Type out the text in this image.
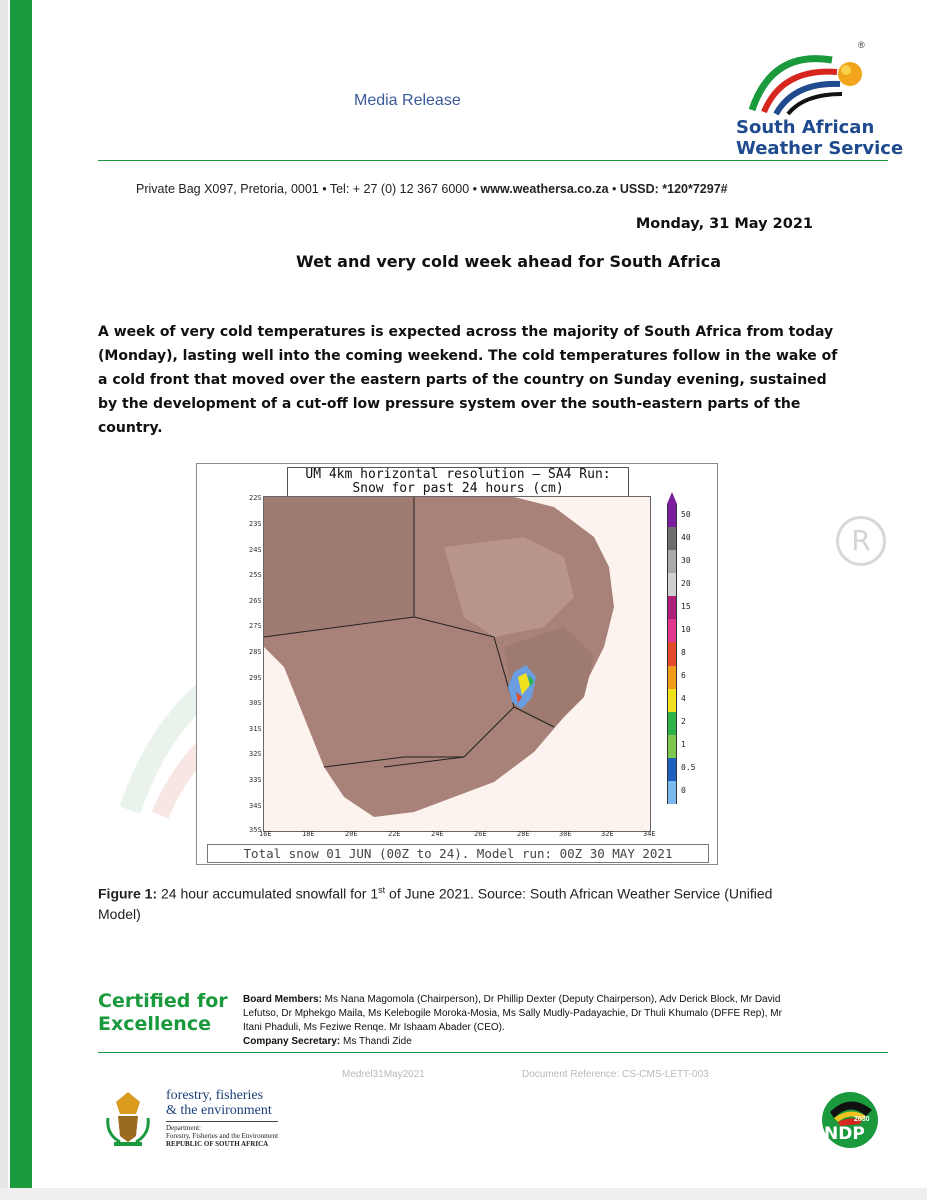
Media Release
®
South African
Weather Service
Private Bag X097, Pretoria, 0001 • Tel: + 27 (0) 12 367 6000 • www.weathersa.co.za • USSD: *120*7297#
Monday, 31 May 2021
Wet and very cold week ahead for South Africa
A week of very cold temperatures is expected across the majority of South Africa from today (Monday), lasting well into the coming weekend. The cold temperatures follow in the wake of a cold front that moved over the eastern parts of the country on Sunday evening, sustained by the development of a cut-off low pressure system over the south-eastern parts of the country.
R
UM 4km horizontal resolution – SA4 Run:
Snow for past 24 hours (cm)
22S
23S
24S
25S
26S
27S
28S
29S
30S
31S
32S
33S
34S
35S
16E	18E	20E	22E	24E	26E	28E	30E	32E	34E
50
40
30
20
15
10
8
6
4
2
1
0.5
0
Total snow 01 JUN (00Z to 24). Model run: 00Z 30 MAY 2021
Figure 1: 24 hour accumulated snowfall for 1st of June 2021. Source: South African Weather Service (Unified Model)
Certified for
Excellence
Board Members: Ms Nana Magomola (Chairperson), Dr Phillip Dexter (Deputy Chairperson), Adv Derick Block, Mr David Lefutso, Dr Mphekgo Maila, Ms Kelebogile Moroka-Mosia, Ms Sally Mudly-Padayachie, Dr Thuli Khumalo (DFFE Rep), Mr Itani Phaduli, Ms Feziwe Renqe. Mr Ishaam Abader (CEO).
Company Secretary: Ms Thandi Zide
Medrel31May2021	Document Reference: CS-CMS-LETT-003
forestry, fisheries
& the environment
Department:
Forestry, Fisheries and the Environment
REPUBLIC OF SOUTH AFRICA
2030
NDP
